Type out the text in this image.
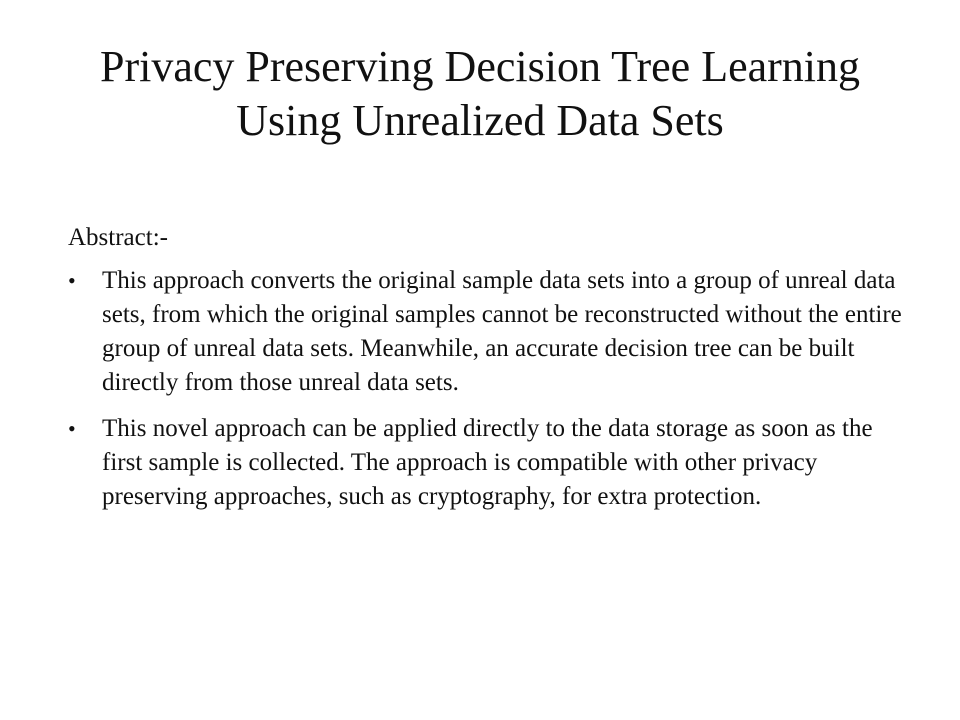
Privacy Preserving Decision Tree Learning
Using Unrealized Data Sets
Abstract:-
• This approach converts the original sample data sets into a group of unreal data sets, from which the original samples cannot be reconstructed without the entire group of unreal data sets. Meanwhile, an accurate decision tree can be built directly from those unreal data sets.
• This novel approach can be applied directly to the data storage as soon as the first sample is collected. The approach is compatible with other privacy preserving approaches, such as cryptography, for extra protection.
